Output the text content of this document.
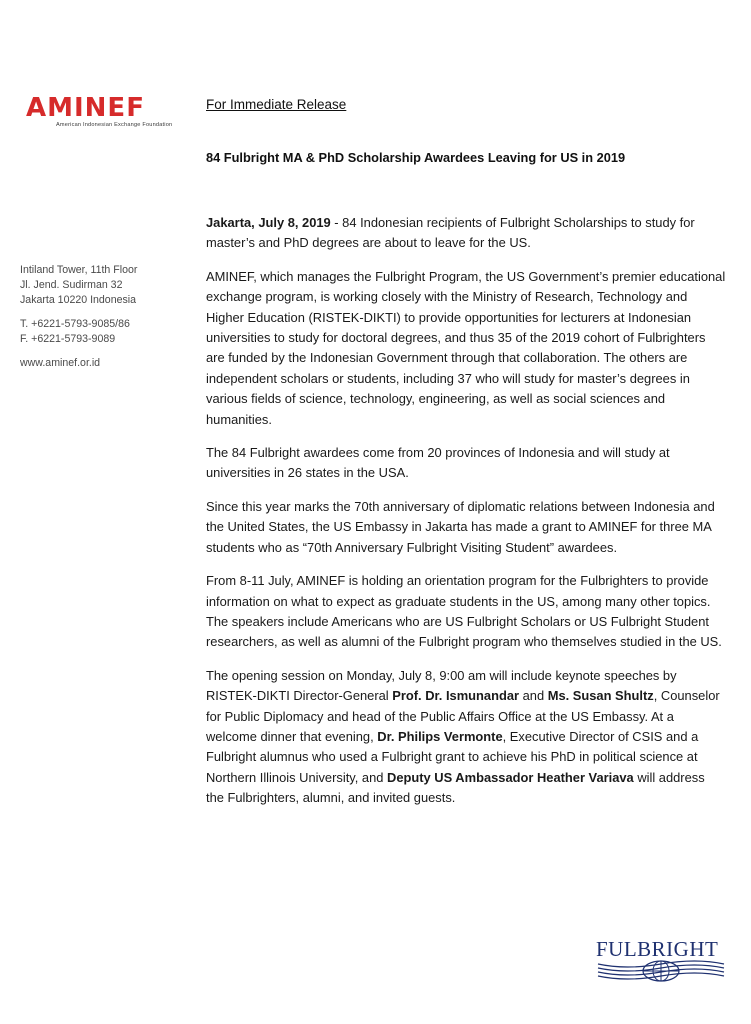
AMINEF
American Indonesian Exchange Foundation
For Immediate Release
84 Fulbright MA & PhD Scholarship Awardees Leaving for US in 2019
Intiland Tower, 11th Floor
Jl. Jend. Sudirman 32
Jakarta 10220 Indonesia
T. +6221-5793-9085/86
F. +6221-5793-9089
www.aminef.or.id

Jakarta, July 8, 2019 - 84 Indonesian recipients of Fulbright Scholarships to study for master’s and PhD degrees are about to leave for the US.

AMINEF, which manages the Fulbright Program, the US Government’s premier educational exchange program, is working closely with the Ministry of Research, Technology and Higher Education (RISTEK-DIKTI) to provide opportunities for lecturers at Indonesian universities to study for doctoral degrees, and thus 35 of the 2019 cohort of Fulbrighters are funded by the Indonesian Government through that collaboration. The others are independent scholars or students, including 37 who will study for master’s degrees in various fields of science, technology, engineering, as well as social sciences and humanities.

The 84 Fulbright awardees come from 20 provinces of Indonesia and will study at universities in 26 states in the USA.

Since this year marks the 70th anniversary of diplomatic relations between Indonesia and the United States, the US Embassy in Jakarta has made a grant to AMINEF for three MA students who as “70th Anniversary Fulbright Visiting Student” awardees.

From 8-11 July, AMINEF is holding an orientation program for the Fulbrighters to provide information on what to expect as graduate students in the US, among many other topics. The speakers include Americans who are US Fulbright Scholars or US Fulbright Student researchers, as well as alumni of the Fulbright program who themselves studied in the US.

The opening session on Monday, July 8, 9:00 am will include keynote speeches by RISTEK-DIKTI Director-General Prof. Dr. Ismunandar and Ms. Susan Shultz, Counselor for Public Diplomacy and head of the Public Affairs Office at the US Embassy. At a welcome dinner that evening, Dr. Philips Vermonte, Executive Director of CSIS and a Fulbright alumnus who used a Fulbright grant to achieve his PhD in political science at Northern Illinois University, and Deputy US Ambassador Heather Variava will address the Fulbrighters, alumni, and invited guests.

FULBRIGHT
